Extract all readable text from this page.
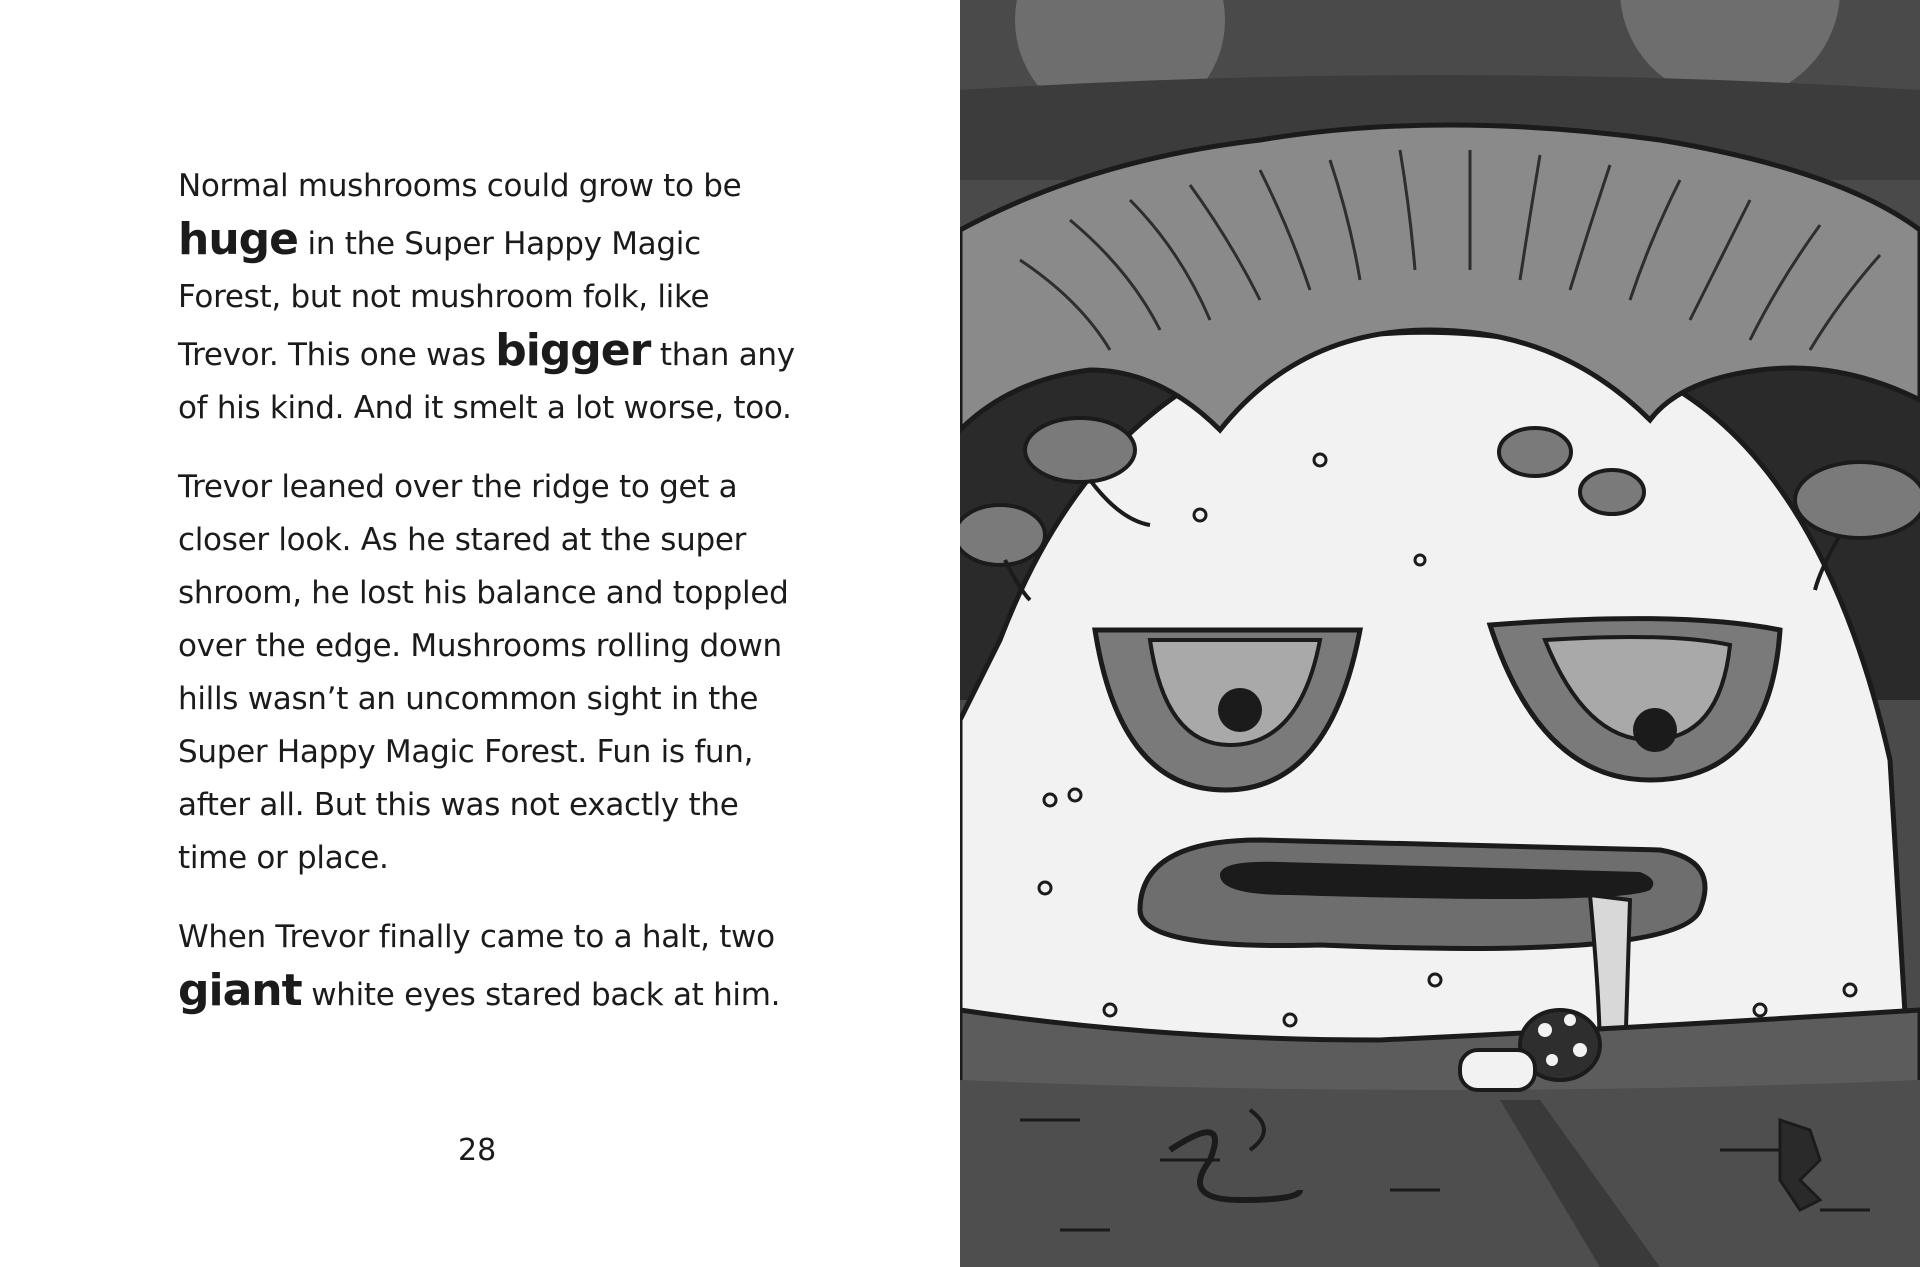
Normal mushrooms could grow to be huge in the Super Happy Magic Forest, but not mushroom folk, like Trevor. This one was bigger than any of his kind. And it smelt a lot worse, too.

Trevor leaned over the ridge to get a closer look. As he stared at the super shroom, he lost his balance and toppled over the edge. Mushrooms rolling down hills wasn’t an uncommon sight in the Super Happy Magic Forest. Fun is fun, after all. But this was not exactly the time or place.

When Trevor finally came to a halt, two giant white eyes stared back at him.

28
